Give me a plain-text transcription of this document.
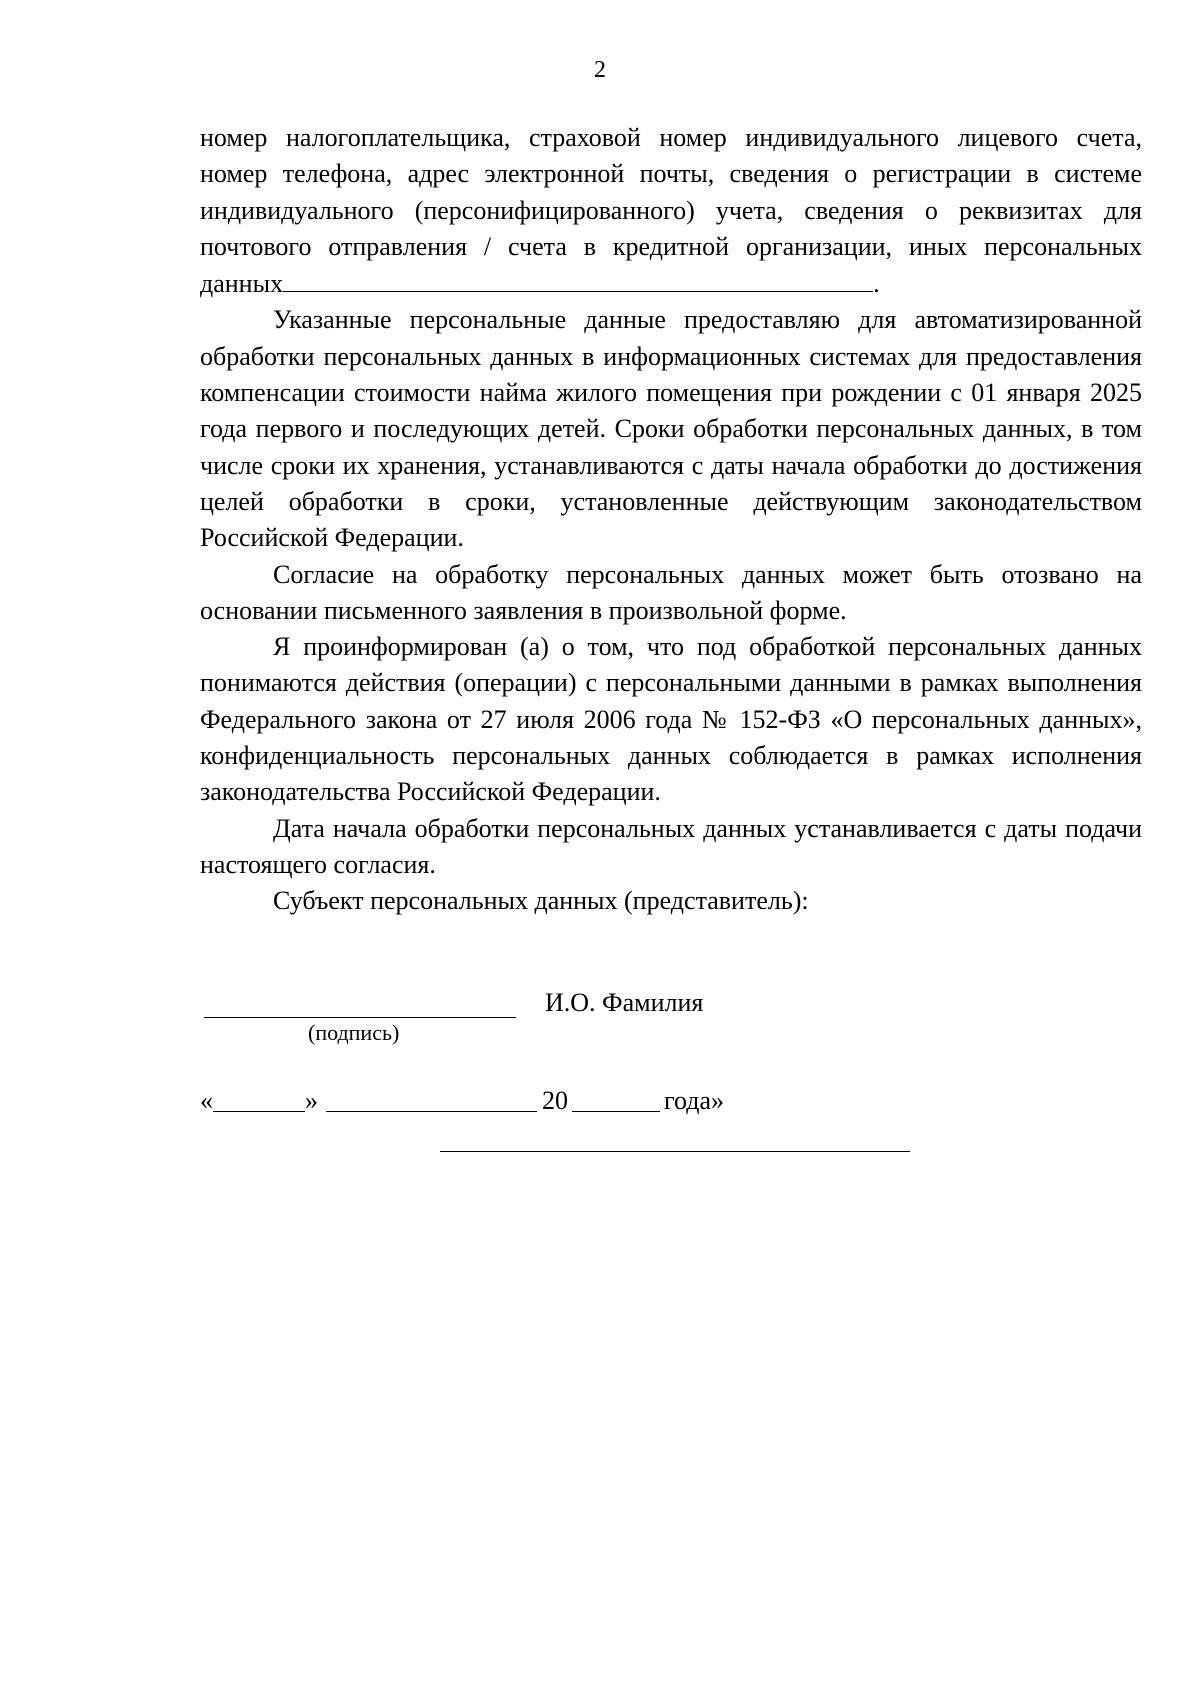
2

номер налогоплательщика, страховой номер индивидуального лицевого счета, номер телефона, адрес электронной почты, сведения о регистрации в системе индивидуального (персонифицированного) учета, сведения о реквизитах для почтового отправления / счета в кредитной организации, иных персональных данных	.

Указанные персональные данные предоставляю для автоматизированной обработки персональных данных в информационных системах для предоставления компенсации стоимости найма жилого помещения при рождении с 01 января 2025 года первого и последующих детей. Сроки обработки персональных данных, в том числе сроки их хранения, устанавливаются с даты начала обработки до достижения целей обработки в сроки, установленные действующим законодательством Российской Федерации.

Согласие на обработку персональных данных может быть отозвано на основании письменного заявления в произвольной форме.

Я проинформирован (а) о том, что под обработкой персональных данных понимаются действия (операции) с персональными данными в рамках выполнения Федерального закона от 27 июля 2006 года № 152-ФЗ «О персональных данных», конфиденциальность персональных данных соблюдается в рамках исполнения законодательства Российской Федерации.

Дата начала обработки персональных данных устанавливается с даты подачи настоящего согласия.

Субъект персональных данных (представитель):

И.О. Фамилия
(подпись)
«	»	20	года»
